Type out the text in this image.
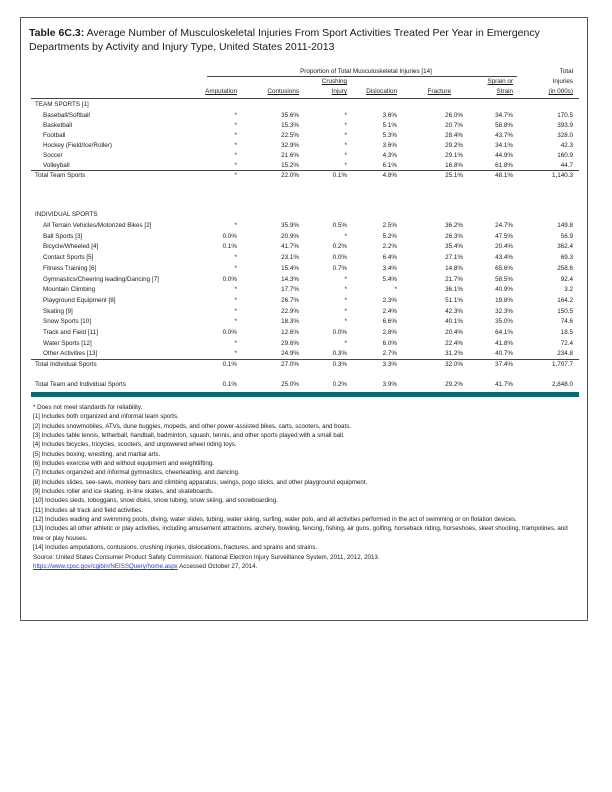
Table 6C.3: Average Number of Musculoskeletal Injuries From Sport Activities Treated Per Year in Emergency Departments by Activity and Injury Type, United States 2011-2013
Proportion of Total Musculoskeletal Injuries [14]	Total
Injuries
(in 000s)
Amputation	Contusions
Crushing
Injury	Dislocation	Fracture
Sprain or
Strain
TEAM SPORTS [1]
Baseball/Softball	*	35.6%	*	3.6%	26.0%	34.7%	170.5
Basketball	*	15.3%	*	5.1%	20.7%	58.8%	393.9
Football	*	22.5%	*	5.3%	28.4%	43.7%	328.0
Hockey (Field/Ice/Roller)	*	32.9%	*	3.6%	29.2%	34.1%	42.3
Soccer	*	21.6%	*	4.3%	29.1%	44.9%	160.9
Volleyball	*	15.2%	*	6.1%	16.8%	61.8%	44.7
Total Team Sports	*	22.0%	0.1%	4.8%	25.1%	48.1%	1,140.3
INDIVIDUAL SPORTS
All Terrain Vehicles/Motorized Bikes [2]	*	35.9%	0.5%	2.5%	36.2%	24.7%	149.8
Ball Sports [3]	0.0%	20.9%	*	5.2%	26.3%	47.5%	56.9
Bicycle/Wheeled [4]	0.1%	41.7%	0.2%	2.2%	35.4%	20.4%	362.4
Contact Sports [5]	*	23.1%	0.0%	6.4%	27.1%	43.4%	69.3
Fitness Training [6]	*	15.4%	0.7%	3.4%	14.8%	65.6%	258.6
Gymnastics/Cheering leading/Dancing [7]	0.0%	14.3%	*	5.4%	21.7%	58.5%	92.4
Mountain Climbing	*	17.7%	*	*	36.1%	40.9%	3.2
Playground Equipment [8]	*	26.7%	*	2.3%	51.1%	19.8%	164.2
Skating [9]	*	22.9%	*	2.4%	42.3%	32.3%	150.5
Snow Sports [10]	*	18.3%	*	6.6%	40.1%	35.0%	74.6
Track and Field [11]	0.0%	12.6%	0.0%	2.8%	20.4%	64.1%	18.5
Water Sports [12]	*	29.6%	*	6.0%	22.4%	41.8%	72.4
Other Activities [13]	*	24.9%	0.3%	2.7%	31.2%	40.7%	234.8
Total Individual Sports	0.1%	27.0%	0.3%	3.3%	32.0%	37.4%	1,707.7
Total Team and Individual Sports	0.1%	25.0%	0.2%	3.9%	29.2%	41.7%	2,848.0
* Does not meet standards for reliability.
[1] Includes both organized and informal team sports.
[2] Includes snowmobiles, ATVs, dune buggies, mopeds, and other power-assisted bikes, carts, scooters, and boats.
[3] Includes table tennis, tetherball, handball, badminton, squash, tennis, and other sports played with a small ball.
[4] Includes bicycles, tricycles, scooters, and unpowered wheel riding toys.
[5] Includes boxing, wrestling, and martial arts.
[6] Includes exercise with and without equipment and weightlifting.
[7] Includes organized and informal gymnastics, cheerleading, and dancing.
[8] Includes slides, see-saws, monkey bars and climbing apparatus, swings, pogo sticks, and other playground equipment.
[9] Includes roller and ice skating, in-line skates, and skateboards.
[10] Includes sleds, toboggans, snow disks, snow tubing, snow skiing, and snowboarding.
[11] Includes all track and field activities.
[12] Includes wading and swimming pools, diving, water slides, tubing, water skiing, surfing, water polo, and all activities performed in the act of swimming or on flotation devices.
[13] Includes all other athletic or play activities, including amusement attractions, archery, bowling, fencing, fishing, air guns, golfing, horseback riding, horseshoes, skeet shooting, trampolines, and tree or play houses.
[14] Includes amputations, contusions, crushing injuries, dislocations, fractures, and sprains and strains.
Source: United States Consumer Product Safety Commission. National Electron Injury Surveillance System, 2011, 2012, 2013.
https://www.cpsc.gov/cgibin/NEISSQuery/home.aspx Accessed October 27, 2014.
